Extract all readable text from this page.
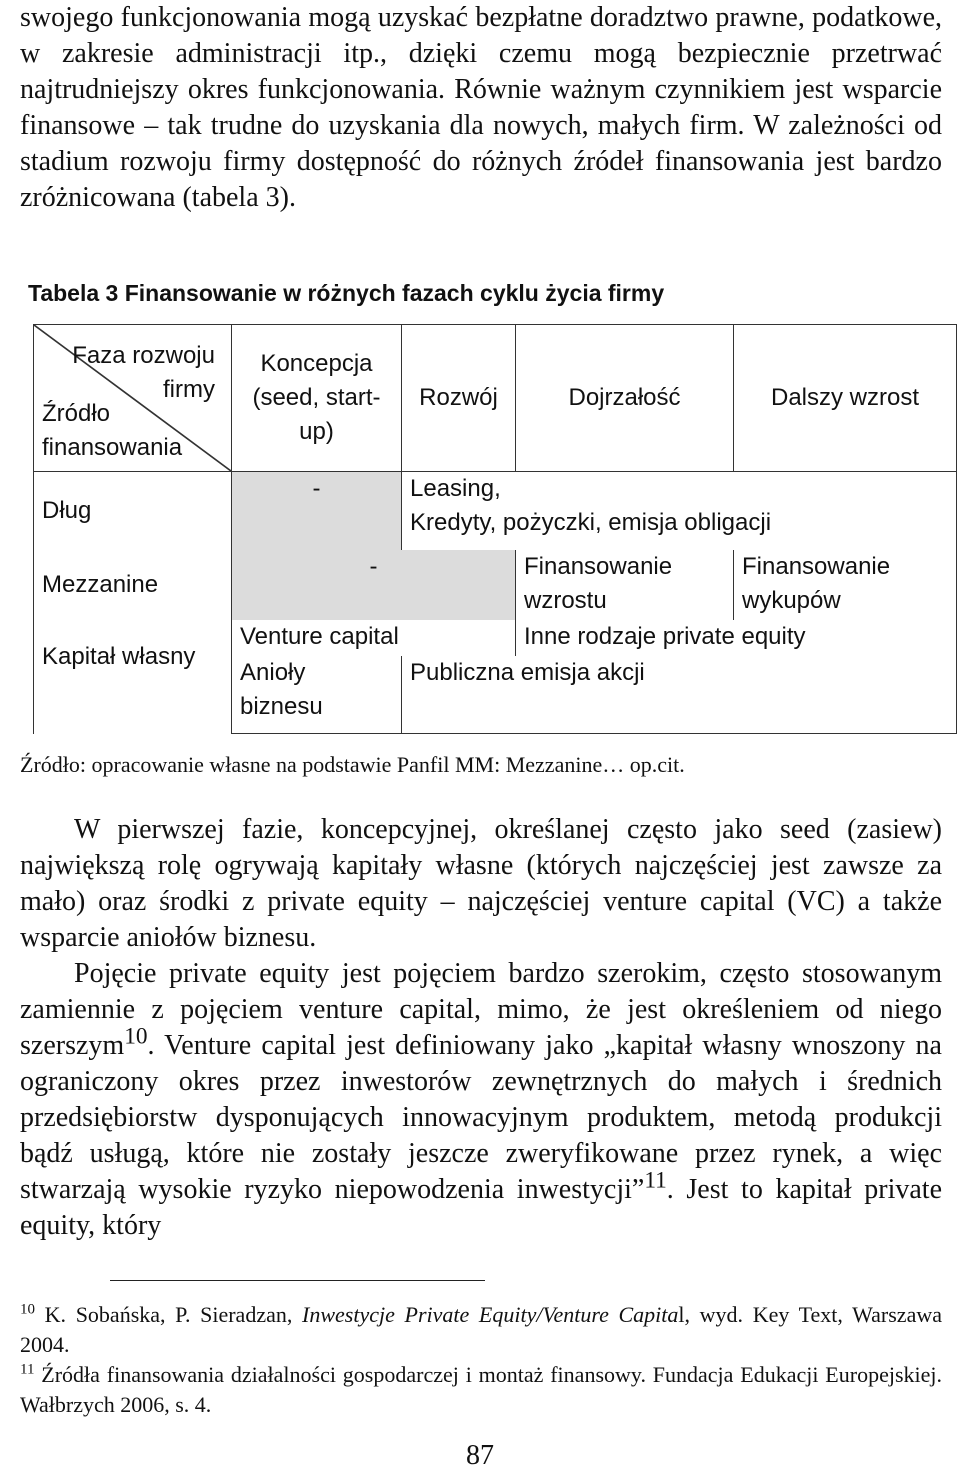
swojego funkcjonowania mogą uzyskać bezpłatne doradztwo prawne, podatkowe, w zakresie administracji itp., dzięki czemu mogą bezpiecznie przetrwać najtrudniejszy okres funkcjonowania. Równie ważnym czynnikiem jest wsparcie finansowe – tak trudne do uzyskania dla nowych, małych firm. W zależności od stadium rozwoju firmy dostępność do różnych źródeł finansowania jest bardzo zróżnicowana (tabela 3).

Tabela 3 Finansowanie w różnych fazach cyklu życia firmy
Faza rozwoju firmy
Źródło finansowania	Koncepcja (seed, start-up)	Rozwój	Dojrzałość	Dalszy wzrost
Dług	-	Leasing,
Kredyty, pożyczki, emisja obligacji		

Mezzanine	-		Finansowanie wzrostu	Finansowanie wykupów
Kapitał własny	Venture capital		Inne rodzaje private equity	
	Anioły biznesu	Publiczna emisja akcji		
Źródło: opracowanie własne na podstawie Panfil MM: Mezzanine… op.cit.

W pierwszej fazie, koncepcyjnej, określanej często jako seed (zasiew) największą rolę ogrywają kapitały własne (których najczęściej jest zawsze za mało) oraz środki z private equity – najczęściej venture capital (VC) a także wsparcie aniołów biznesu.

Pojęcie private equity jest pojęciem bardzo szerokim, często stosowanym zamiennie z pojęciem venture capital, mimo, że jest określeniem od niego szerszym$^{10}$. Venture capital jest definiowany jako „kapitał własny wnoszony na ograniczony okres przez inwestorów zewnętrznych do małych i średnich przedsiębiorstw dysponujących innowacyjnym produktem, metodą produkcji bądź usługą, które nie zostały jeszcze zweryfikowane przez rynek, a więc stwarzają wysokie ryzyko niepowodzenia inwestycji”$^{11}$. Jest to kapitał private equity, który

$^{10}$ K. Sobańska, P. Sieradzan, Inwestycje Private Equity/Venture Capital, wyd. Key Text, Warszawa 2004.

$^{11}$ Źródła finansowania działalności gospodarczej i montaż finansowy. Fundacja Edukacji Europejskiej. Wałbrzych 2006, s. 4.

87
